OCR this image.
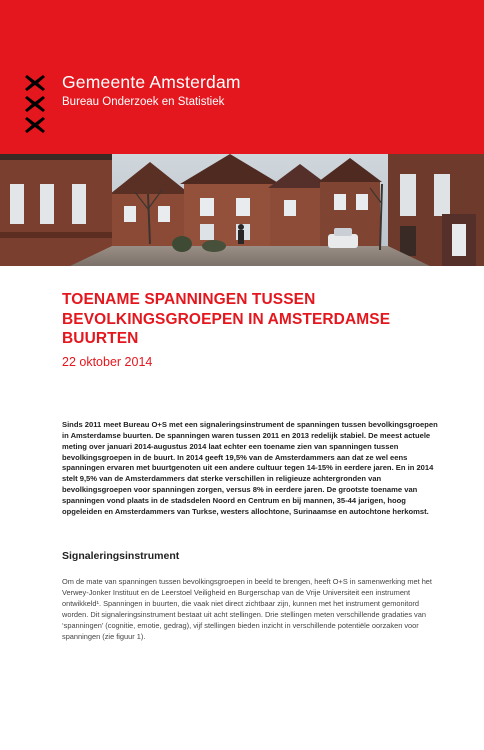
Gemeente Amsterdam
Bureau Onderzoek en Statistiek
TOENAME SPANNINGEN TUSSEN BEVOLKINGSGROEPEN IN AMSTERDAMSE BUURTEN
22 oktober 2014

Sinds 2011 meet Bureau O+S met een signaleringsinstrument de spanningen tussen bevolkingsgroepen in Amsterdamse buurten. De spanningen waren tussen 2011 en 2013 redelijk stabiel. De meest actuele meting over januari 2014-augustus 2014 laat echter een toename zien van spanningen tussen bevolkingsgroepen in de buurt. In 2014 geeft 19,5% van de Amsterdammers aan dat ze wel eens spanningen ervaren met buurtgenoten uit een andere cultuur tegen 14-15% in eerdere jaren. En in 2014 stelt 9,5% van de Amsterdammers dat sterke verschillen in religieuze achtergronden van bevolkingsgroepen voor spanningen zorgen, versus 8% in eerdere jaren. De grootste toename van spanningen vond plaats in de stadsdelen Noord en Centrum en bij mannen, 35-44 jarigen, hoog opgeleiden en Amsterdammers van Turkse, westers allochtone, Surinaamse en autochtone herkomst.

Signaleringsinstrument

Om de mate van spanningen tussen bevolkingsgroepen in beeld te brengen, heeft O+S in samenwerking met het Verwey-Jonker Instituut en de Leerstoel Veiligheid en Burgerschap van de Vrije Universiteit een instrument ontwikkeld¹. Spanningen in buurten, die vaak niet direct zichtbaar zijn, kunnen met het instrument gemonitord worden. Dit signaleringsinstrument bestaat uit acht stellingen. Drie stellingen meten verschillende gradaties van ‘spanningen’ (cognitie, emotie, gedrag), vijf stellingen bieden inzicht in verschillende potentiële oorzaken voor spanningen (zie figuur 1).
